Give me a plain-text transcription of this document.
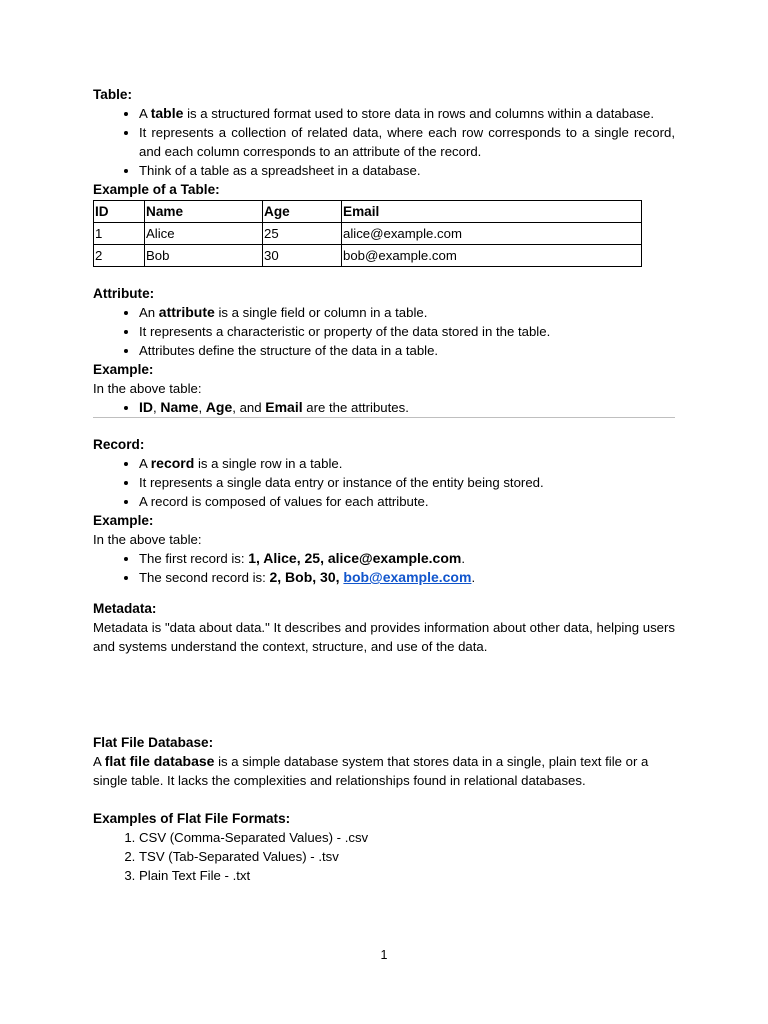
Table:

• A table is a structured format used to store data in rows and columns within a database.
• It represents a collection of related data, where each row corresponds to a single record, and each column corresponds to an attribute of the record.
• Think of a table as a spreadsheet in a database.

Example of a Table:

ID	Name	Age	Email
1	Alice	25	alice@example.com
2	Bob	30	bob@example.com

Attribute:

• An attribute is a single field or column in a table.
• It represents a characteristic or property of the data stored in the table.
• Attributes define the structure of the data in a table.

Example:

In the above table:

• ID, Name, Age, and Email are the attributes.

Record:

• A record is a single row in a table.
• It represents a single data entry or instance of the entity being stored.
• A record is composed of values for each attribute.

Example:

In the above table:

• The first record is: 1, Alice, 25, alice@example.com.
• The second record is: 2, Bob, 30, bob@example.com.

Metadata:

Metadata is "data about data." It describes and provides information about other data, helping users and systems understand the context, structure, and use of the data.

Flat File Database:

A flat file database is a simple database system that stores data in a single, plain text file or a single table. It lacks the complexities and relationships found in relational databases.

Examples of Flat File Formats:

1. CSV (Comma-Separated Values) - .csv
2. TSV (Tab-Separated Values) - .tsv
3. Plain Text File - .txt
1
